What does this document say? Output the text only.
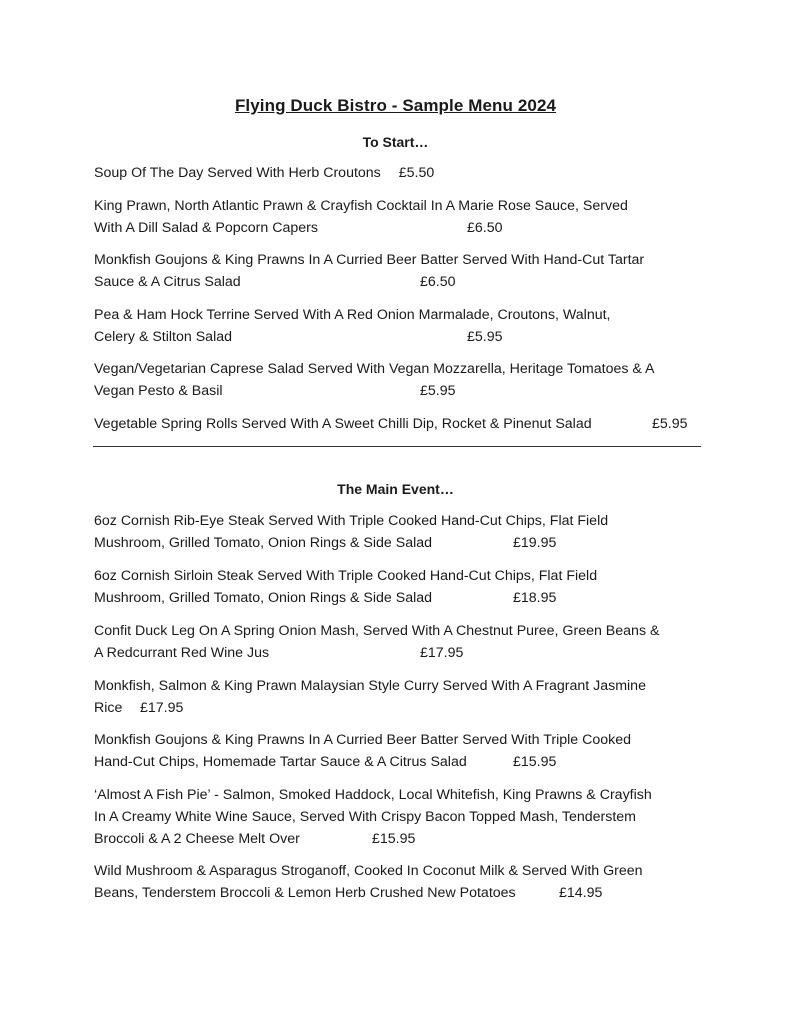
Flying Duck Bistro - Sample Menu 2024
To Start…
Soup Of The Day Served With Herb Croutons £5.50
King Prawn, North Atlantic Prawn & Crayfish Cocktail In A Marie Rose Sauce, Served
With A Dill Salad & Popcorn Capers	£6.50
Monkfish Goujons & King Prawns In A Curried Beer Batter Served With Hand-Cut Tartar
Sauce & A Citrus Salad	£6.50
Pea & Ham Hock Terrine Served With A Red Onion Marmalade, Croutons, Walnut,
Celery & Stilton Salad	£5.95
Vegan/Vegetarian Caprese Salad Served With Vegan Mozzarella, Heritage Tomatoes & A
Vegan Pesto & Basil	£5.95
Vegetable Spring Rolls Served With A Sweet Chilli Dip, Rocket & Pinenut Salad	£5.95
The Main Event…
6oz Cornish Rib-Eye Steak Served With Triple Cooked Hand-Cut Chips, Flat Field
Mushroom, Grilled Tomato, Onion Rings & Side Salad	£19.95
6oz Cornish Sirloin Steak Served With Triple Cooked Hand-Cut Chips, Flat Field
Mushroom, Grilled Tomato, Onion Rings & Side Salad	£18.95
Confit Duck Leg On A Spring Onion Mash, Served With A Chestnut Puree, Green Beans &
A Redcurrant Red Wine Jus	£17.95
Monkfish, Salmon & King Prawn Malaysian Style Curry Served With A Fragrant Jasmine
Rice £17.95
Monkfish Goujons & King Prawns In A Curried Beer Batter Served With Triple Cooked
Hand-Cut Chips, Homemade Tartar Sauce & A Citrus Salad	£15.95
‘Almost A Fish Pie’ - Salmon, Smoked Haddock, Local Whitefish, King Prawns & Crayfish
In A Creamy White Wine Sauce, Served With Crispy Bacon Topped Mash, Tenderstem
Broccoli & A 2 Cheese Melt Over	£15.95
Wild Mushroom & Asparagus Stroganoff, Cooked In Coconut Milk & Served With Green
Beans, Tenderstem Broccoli & Lemon Herb Crushed New Potatoes	£14.95
